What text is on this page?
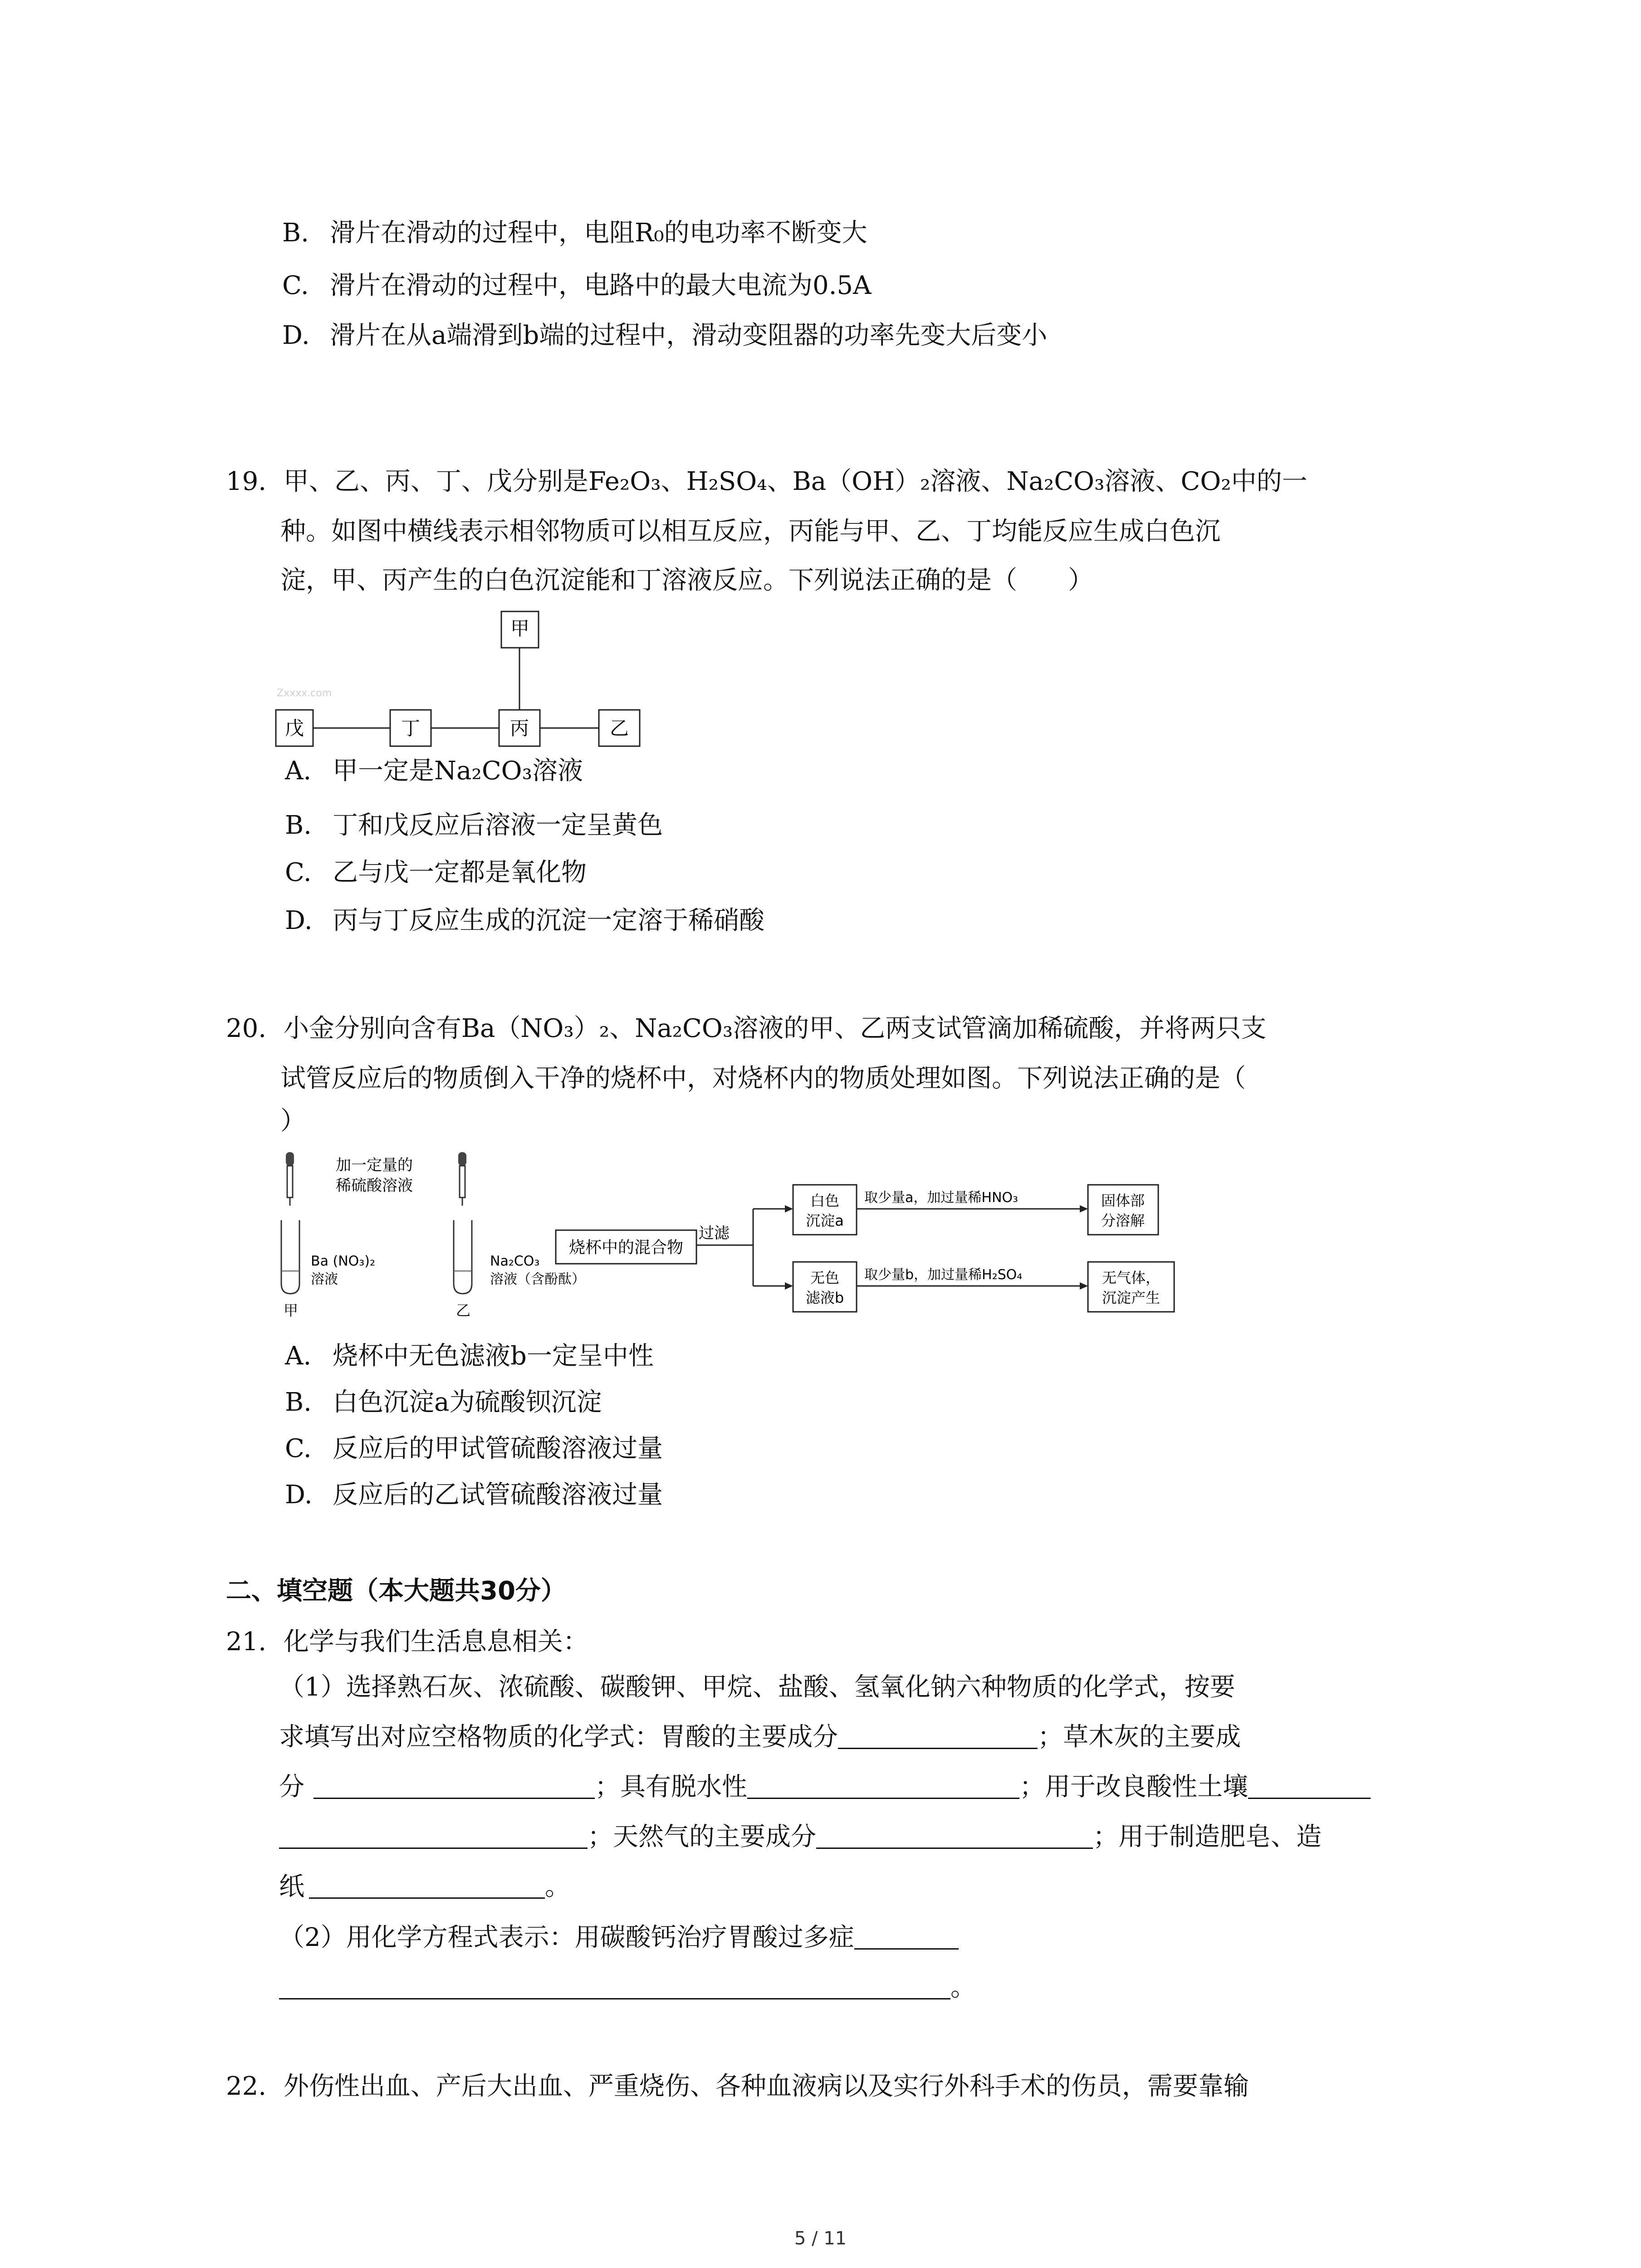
B. 滑片在滑动的过程中，电阻R₀的电功率不断变大
C. 滑片在滑动的过程中，电路中的最大电流为0.5A
D. 滑片在从a端滑到b端的过程中，滑动变阻器的功率先变大后变小
19. 甲、乙、丙、丁、戊分别是Fe₂O₃、H₂SO₄、Ba（OH）₂溶液、Na₂CO₃溶液、CO₂中的一
种。如图中横线表示相邻物质可以相互反应，丙能与甲、乙、丁均能反应生成白色沉
淀，甲、丙产生的白色沉淀能和丁溶液反应。下列说法正确的是（　　）
甲
Zxxxx.com
戊	丁	丙	乙
A. 甲一定是Na₂CO₃溶液
B. 丁和戊反应后溶液一定呈黄色
C. 乙与戊一定都是氧化物
D. 丙与丁反应生成的沉淀一定溶于稀硝酸
20. 小金分别向含有Ba（NO₃）₂、Na₂CO₃溶液的甲、乙两支试管滴加稀硫酸，并将两只支
试管反应后的物质倒入干净的烧杯中，对烧杯内的物质处理如图。下列说法正确的是（
）
加一定量的
稀硫酸溶液
Ba (NO₃)₂
溶液
甲
Na₂CO₃
溶液（含酚酞）
乙
烧杯中的混合物
过滤
白色
沉淀a
取少量a，加过量稀HNO₃	固体部
分溶解
无色
滤液b
取少量b，加过量稀H₂SO₄	无气体，
沉淀产生
A. 烧杯中无色滤液b一定呈中性
B. 白色沉淀a为硫酸钡沉淀
C. 反应后的甲试管硫酸溶液过量
D. 反应后的乙试管硫酸溶液过量
二、填空题（本大题共30分）
21. 化学与我们生活息息相关：
（1）选择熟石灰、浓硫酸、碳酸钾、甲烷、盐酸、氢氧化钠六种物质的化学式，按要
求填写出对应空格物质的化学式：胃酸的主要成分	；草木灰的主要成
分	；具有脱水性	；用于改良酸性土壤
；天然气的主要成分	；用于制造肥皂、造
纸	。
（2）用化学方程式表示：用碳酸钙治疗胃酸过多症
。
22. 外伤性出血、产后大出血、严重烧伤、各种血液病以及实行外科手术的伤员，需要靠输
5 / 11
